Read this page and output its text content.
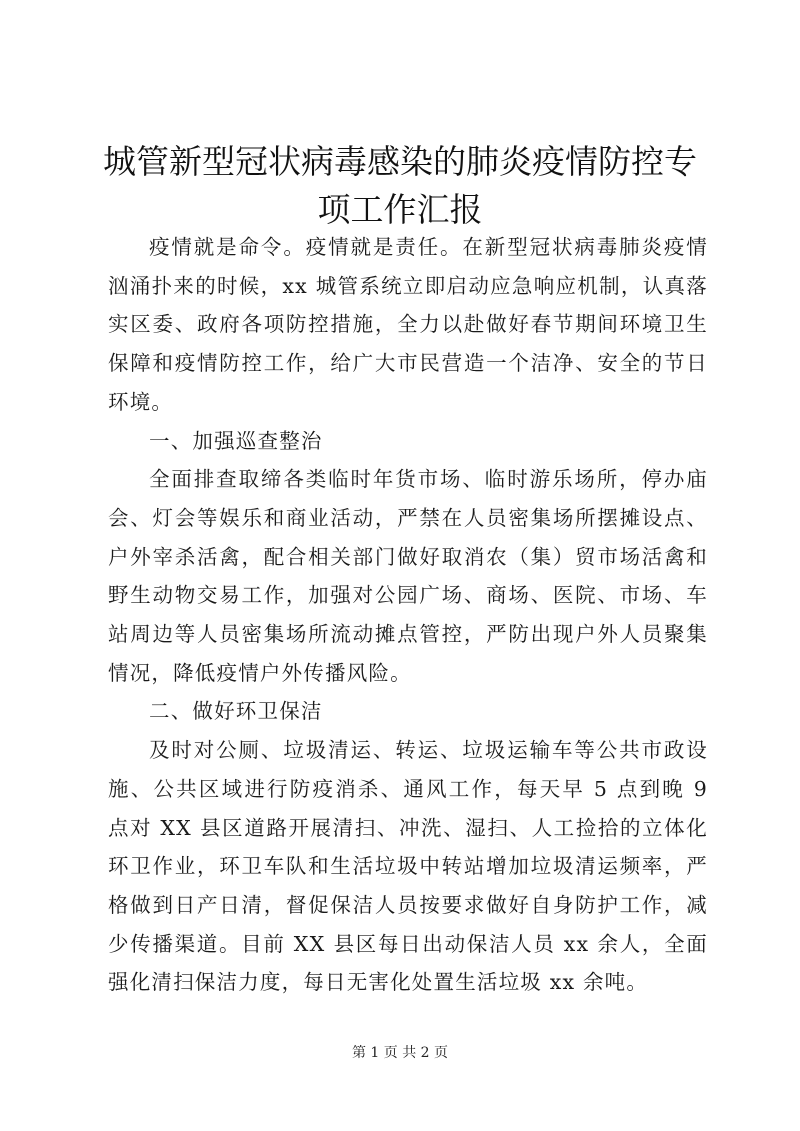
城管新型冠状病毒感染的肺炎疫情防控专项工作汇报

疫情就是命令。疫情就是责任。在新型冠状病毒肺炎疫情汹涌扑来的时候，xx 城管系统立即启动应急响应机制，认真落实区委、政府各项防控措施，全力以赴做好春节期间环境卫生保障和疫情防控工作，给广大市民营造一个洁净、安全的节日环境。

一、加强巡查整治

全面排查取缔各类临时年货市场、临时游乐场所，停办庙会、灯会等娱乐和商业活动，严禁在人员密集场所摆摊设点、户外宰杀活禽，配合相关部门做好取消农（集）贸市场活禽和野生动物交易工作，加强对公园广场、商场、医院、市场、车站周边等人员密集场所流动摊点管控，严防出现户外人员聚集情况，降低疫情户外传播风险。

二、做好环卫保洁

及时对公厕、垃圾清运、转运、垃圾运输车等公共市政设施、公共区域进行防疫消杀、通风工作，每天早 5 点到晚 9 点对 XX 县区道路开展清扫、冲洗、湿扫、人工捡拾的立体化环卫作业，环卫车队和生活垃圾中转站增加垃圾清运频率，严格做到日产日清，督促保洁人员按要求做好自身防护工作，减少传播渠道。目前 XX 县区每日出动保洁人员 xx 余人，全面强化清扫保洁力度，每日无害化处置生活垃圾 xx 余吨。

第 1 页 共 2 页
